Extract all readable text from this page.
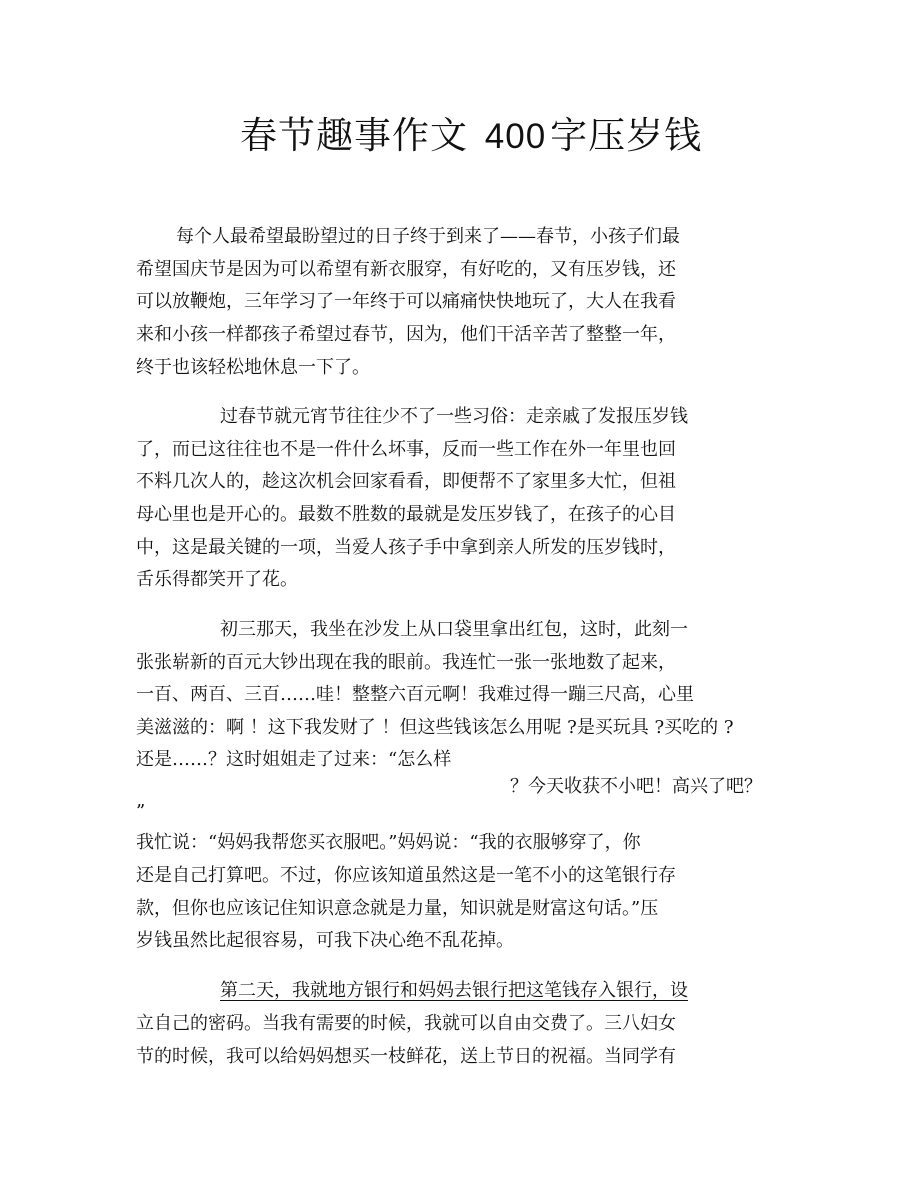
春节趣事作文 400 字压岁钱
每个人最希望最盼望过的日子终于到来了——春节，小孩子们最
希望国庆节是因为可以希望有新衣服穿，有好吃的，又有压岁钱，还
可以放鞭炮，三年学习了一年终于可以痛痛快快地玩了，大人在我看
来和小孩一样都孩子希望过春节，因为，他们干活辛苦了整整一年，
终于也该轻松地休息一下了。
过春节就元宵节往往少不了一些习俗：走亲戚了发报压岁钱
了，而已这往往也不是一件什么坏事，反而一些工作在外一年里也回
不料几次人的，趁这次机会回家看看，即便帮不了家里多大忙，但祖
母心里也是开心的。最数不胜数的最就是发压岁钱了，在孩子的心目
中，这是最关键的一项，当爱人孩子手中拿到亲人所发的压岁钱时，
舌乐得都笑开了花。
初三那天，我坐在沙发上从口袋里拿出红包，这时，此刻一
张张崭新的百元大钞出现在我的眼前。我连忙一张一张地数了起来，
一百、两百、三百……哇！整整六百元啊！我难过得一蹦三尺高，心里
美滋滋的：啊 ！这下我发财了 ！但这些钱该怎么用呢 ?是买玩具 ?买吃的 ?
还是……？这时姐姐走了过来：“怎么样
？今天收获不小吧！高兴了吧？
”
我忙说：“妈妈我帮您买衣服吧。”妈妈说：“我的衣服够穿了，你
还是自己打算吧。不过，你应该知道虽然这是一笔不小的这笔银行存
款，但你也应该记住知识意念就是力量，知识就是财富这句话。”压
岁钱虽然比起很容易，可我下决心绝不乱花掉。
第二天，我就地方银行和妈妈去银行把这笔钱存入银行，设
立自己的密码。当我有需要的时候，我就可以自由交费了。三八妇女
节的时候，我可以给妈妈想买一枝鲜花，送上节日的祝福。当同学有
